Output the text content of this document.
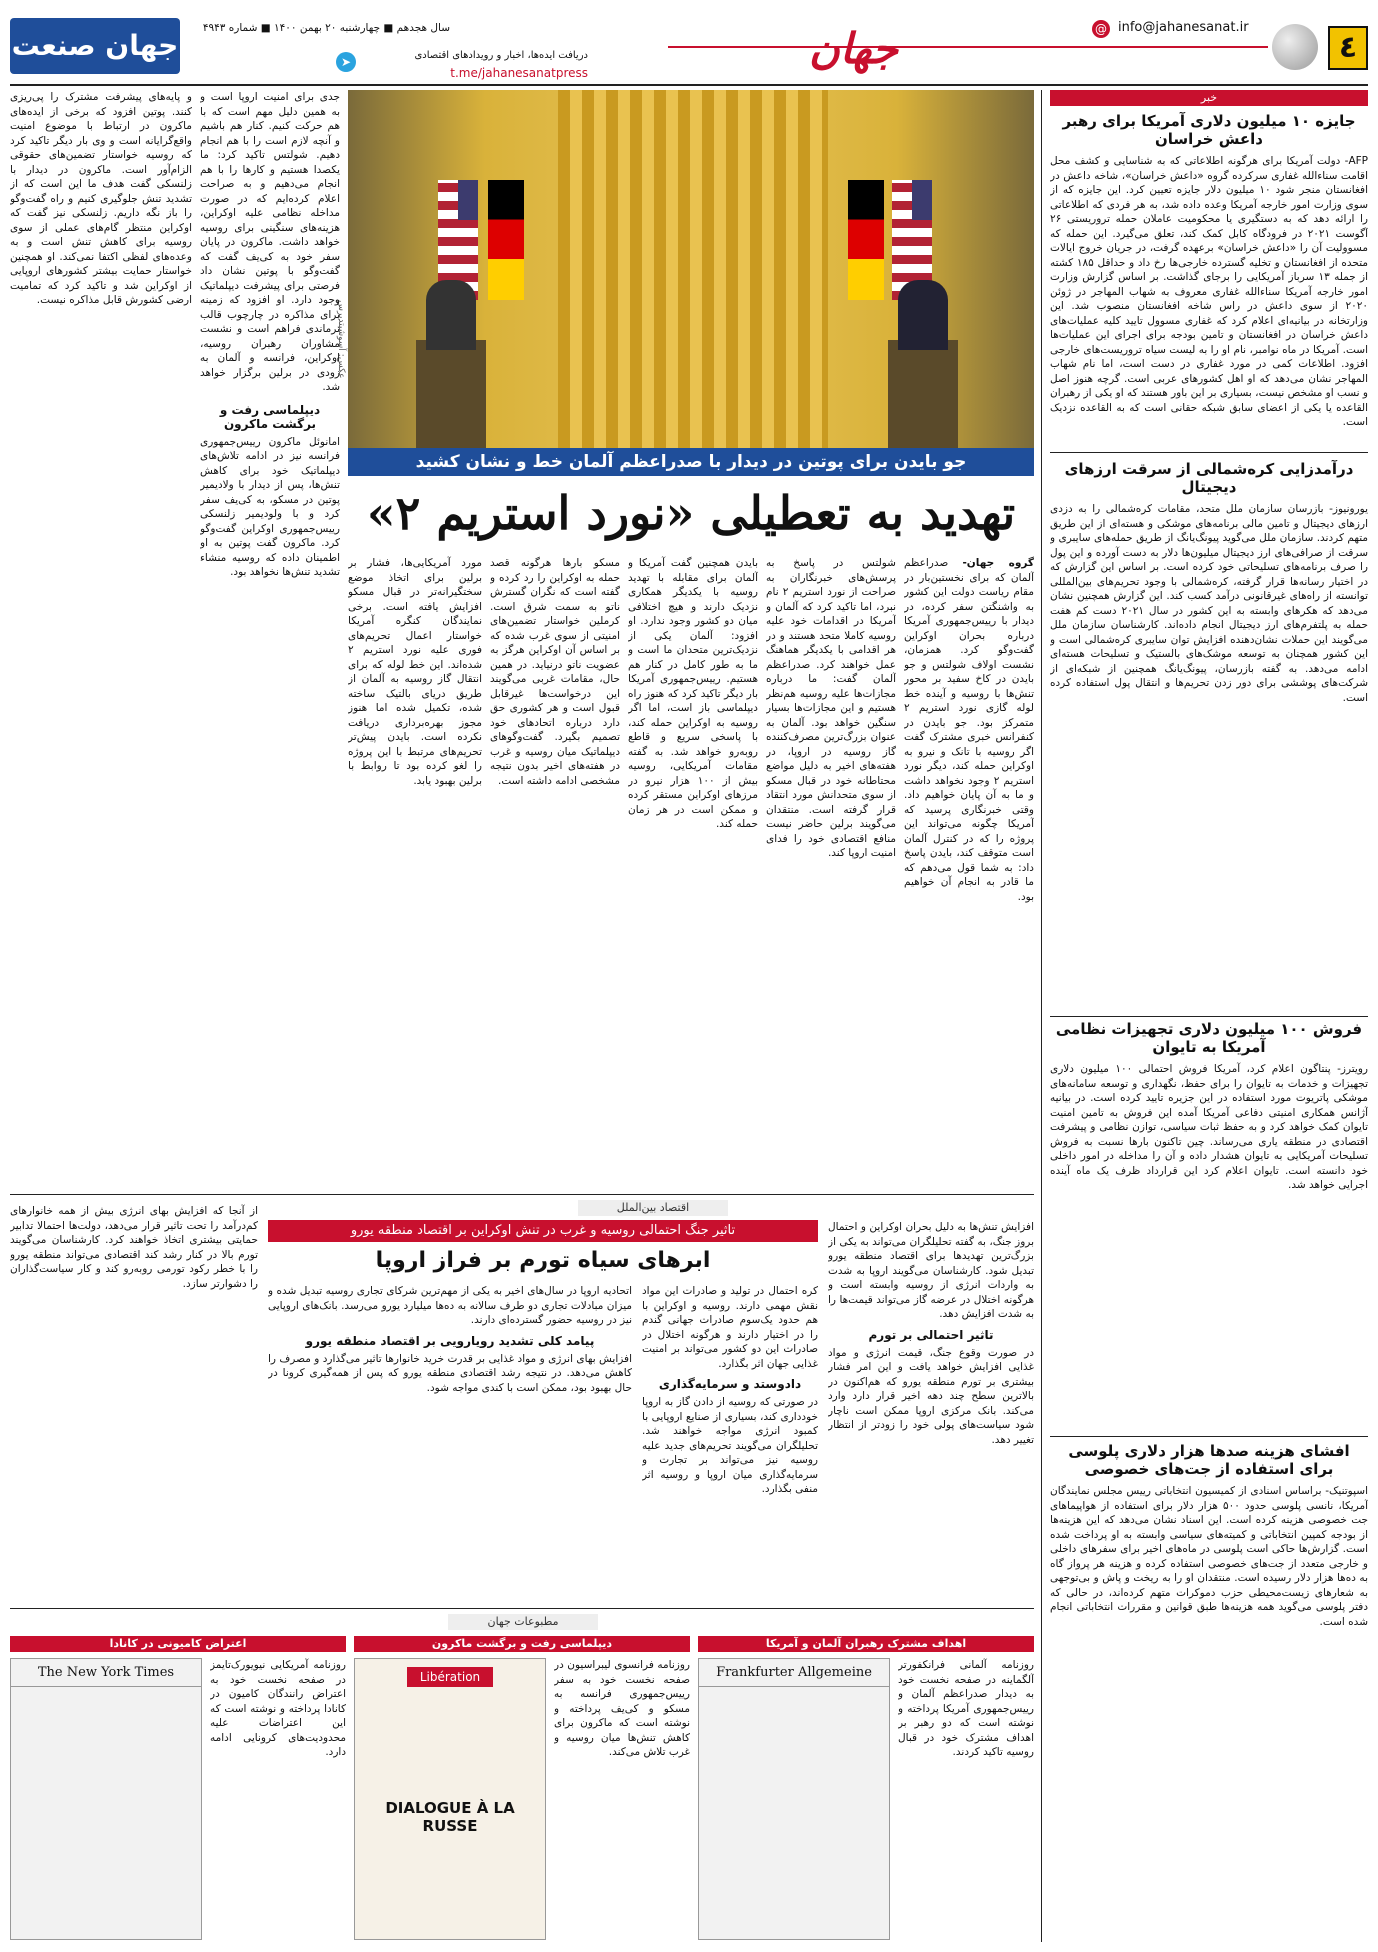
٤
@ info@jahanesanat.ir
جهان
دریافت ایده‌ها، اخبار و رویدادهای اقتصادی
➤
t.me/jahanesanatpress
سال هجدهم ■ چهارشنبه ۲۰ بهمن ۱۴۰۰ ■ شماره ۴۹۴۳
جهان صنعت
خبر

جایزه ۱۰ میلیون دلاری آمریکا برای رهبر داعش خراسان

AFP- دولت آمریکا برای هرگونه اطلاعاتی که به شناسایی و کشف محل اقامت سناءالله غفاری سرکرده گروه «داعش خراسان»، شاخه داعش در افغانستان منجر شود ۱۰ میلیون دلار جایزه تعیین کرد. این جایزه که از سوی وزارت امور خارجه آمریکا وعده داده شد، به هر فردی که اطلاعاتی را ارائه دهد که به دستگیری یا محکومیت عاملان حمله تروریستی ۲۶ آگوست ۲۰۲۱ در فرودگاه کابل کمک کند، تعلق می‌گیرد. این حمله که مسوولیت آن را «داعش خراسان» برعهده گرفت، در جریان خروج ایالات متحده از افغانستان و تخلیه گسترده خارجی‌ها رخ داد و حداقل ۱۸۵ کشته از جمله ۱۳ سرباز آمریکایی را برجای گذاشت. بر اساس گزارش وزارت امور خارجه آمریکا سناءالله غفاری معروف به شهاب المهاجر در ژوئن ۲۰۲۰ از سوی داعش در راس شاخه افغانستان منصوب شد. این وزارتخانه در بیانیه‌ای اعلام کرد که غفاری مسوول تایید کلیه عملیات‌های داعش خراسان در افغانستان و تامین بودجه برای اجرای این عملیات‌ها است. آمریکا در ماه نوامبر، نام او را به لیست سیاه تروریست‌های خارجی افزود. اطلاعات کمی در مورد غفاری در دست است، اما نام شهاب المهاجر نشان می‌دهد که او اهل کشورهای عربی است. گرچه هنوز اصل و نسب او مشخص نیست، بسیاری بر این باور هستند که او یکی از رهبران القاعده یا یکی از اعضای سابق شبکه حقانی است که به القاعده نزدیک است.

درآمدزایی کره‌شمالی از سرقت ارزهای دیجیتال

یورونیوز- بازرسان سازمان ملل متحد، مقامات کره‌شمالی را به دزدی ارزهای دیجیتال و تامین مالی برنامه‌های موشکی و هسته‌ای از این طریق متهم کردند. سازمان ملل می‌گوید پیونگ‌یانگ از طریق حمله‌های سایبری و سرقت از صرافی‌های ارز دیجیتال میلیون‌ها دلار به دست آورده و این پول را صرف برنامه‌های تسلیحاتی خود کرده است. بر اساس این گزارش که در اختیار رسانه‌ها قرار گرفته، کره‌شمالی با وجود تحریم‌های بین‌المللی توانسته از راه‌های غیرقانونی درآمد کسب کند. این گزارش همچنین نشان می‌دهد که هکرهای وابسته به این کشور در سال ۲۰۲۱ دست کم هفت حمله به پلتفرم‌های ارز دیجیتال انجام داده‌اند. کارشناسان سازمان ملل می‌گویند این حملات نشان‌دهنده افزایش توان سایبری کره‌شمالی است و این کشور همچنان به توسعه موشک‌های بالستیک و تسلیحات هسته‌ای ادامه می‌دهد. به گفته بازرسان، پیونگ‌یانگ همچنین از شبکه‌ای از شرکت‌های پوششی برای دور زدن تحریم‌ها و انتقال پول استفاده کرده است.

فروش ۱۰۰ میلیون دلاری تجهیزات نظامی آمریکا به تایوان

رویترز- پنتاگون اعلام کرد، آمریکا فروش احتمالی ۱۰۰ میلیون دلاری تجهیزات و خدمات به تایوان را برای حفظ، نگهداری و توسعه سامانه‌های موشکی پاتریوت مورد استفاده در این جزیره تایید کرده است. در بیانیه آژانس همکاری امنیتی دفاعی آمریکا آمده این فروش به تامین امنیت تایوان کمک خواهد کرد و به حفظ ثبات سیاسی، توازن نظامی و پیشرفت اقتصادی در منطقه یاری می‌رساند. چین تاکنون بارها نسبت به فروش تسلیحات آمریکایی به تایوان هشدار داده و آن را مداخله در امور داخلی خود دانسته است. تایوان اعلام کرد این قرارداد ظرف یک ماه آینده اجرایی خواهد شد.

افشای هزینه صدها هزار دلاری پلوسی برای استفاده از جت‌های خصوصی

اسپوتنیک- براساس اسنادی از کمیسیون انتخاباتی رییس مجلس نمایندگان آمریکا، نانسی پلوسی حدود ۵۰۰ هزار دلار برای استفاده از هواپیماهای جت خصوصی هزینه کرده است. این اسناد نشان می‌دهد که این هزینه‌ها از بودجه کمپین انتخاباتی و کمیته‌های سیاسی وابسته به او پرداخت شده است. گزارش‌ها حاکی است پلوسی در ماه‌های اخیر برای سفرهای داخلی و خارجی متعدد از جت‌های خصوصی استفاده کرده و هزینه هر پرواز گاه به ده‌ها هزار دلار رسیده است. منتقدان او را به ریخت و پاش و بی‌توجهی به شعارهای زیست‌محیطی حزب دموکرات متهم کرده‌اند، در حالی که دفتر پلوسی می‌گوید همه هزینه‌ها طبق قوانین و مقررات انتخاباتی انجام شده است.

عکس: آسوشیتدپرس
جو بایدن برای پوتین در دیدار با صدراعظم آلمان خط و نشان کشید
تهدید به تعطیلی «نورد استریم ۲»

گروه جهان- صدراعظم آلمان که برای نخستین‌بار در مقام ریاست دولت این کشور به واشنگتن سفر کرده، در دیدار با رییس‌جمهوری آمریکا درباره بحران اوکراین گفت‌وگو کرد. همزمان، نشست اولاف شولتس و جو بایدن در کاخ سفید بر محور تنش‌ها با روسیه و آینده خط لوله گازی نورد استریم ۲ متمرکز بود. جو بایدن در کنفرانس خبری مشترک گفت اگر روسیه با تانک و نیرو به اوکراین حمله کند، دیگر نورد استریم ۲ وجود نخواهد داشت و ما به آن پایان خواهیم داد. وقتی خبرنگاری پرسید که آمریکا چگونه می‌تواند این پروژه را که در کنترل آلمان است متوقف کند، بایدن پاسخ داد: به شما قول می‌دهم که ما قادر به انجام آن خواهیم بود.

شولتس در پاسخ به پرسش‌های خبرنگاران به صراحت از نورد استریم ۲ نام نبرد، اما تاکید کرد که آلمان و آمریکا در اقدامات خود علیه روسیه کاملا متحد هستند و در هر اقدامی با یکدیگر هماهنگ عمل خواهند کرد. صدراعظم آلمان گفت: ما درباره مجازات‌ها علیه روسیه هم‌نظر هستیم و این مجازات‌ها بسیار سنگین خواهد بود. آلمان به عنوان بزرگ‌ترین مصرف‌کننده گاز روسیه در اروپا، در هفته‌های اخیر به دلیل مواضع محتاطانه خود در قبال مسکو از سوی متحدانش مورد انتقاد قرار گرفته است. منتقدان می‌گویند برلین حاضر نیست منافع اقتصادی خود را فدای امنیت اروپا کند.

بایدن همچنین گفت آمریکا و آلمان برای مقابله با تهدید روسیه با یکدیگر همکاری نزدیک دارند و هیچ اختلافی میان دو کشور وجود ندارد. او افزود: آلمان یکی از نزدیک‌ترین متحدان ما است و ما به طور کامل در کنار هم هستیم. رییس‌جمهوری آمریکا بار دیگر تاکید کرد که هنوز راه دیپلماسی باز است، اما اگر روسیه به اوکراین حمله کند، با پاسخی سریع و قاطع روبه‌رو خواهد شد. به گفته مقامات آمریکایی، روسیه بیش از ۱۰۰ هزار نیرو در مرزهای اوکراین مستقر کرده و ممکن است در هر زمان حمله کند.

مسکو بارها هرگونه قصد حمله به اوکراین را رد کرده و گفته است که نگران گسترش ناتو به سمت شرق است. کرملین خواستار تضمین‌های امنیتی از سوی غرب شده که بر اساس آن اوکراین هرگز به عضویت ناتو درنیاید. در همین حال، مقامات غربی می‌گویند این درخواست‌ها غیرقابل قبول است و هر کشوری حق دارد درباره اتحادهای خود تصمیم بگیرد. گفت‌وگوهای دیپلماتیک میان روسیه و غرب در هفته‌های اخیر بدون نتیجه مشخصی ادامه داشته است.

مورد آمریکایی‌ها، فشار بر برلین برای اتخاذ موضع سختگیرانه‌تر در قبال مسکو افزایش یافته است. برخی نمایندگان کنگره آمریکا خواستار اعمال تحریم‌های فوری علیه نورد استریم ۲ شده‌اند. این خط لوله که برای انتقال گاز روسیه به آلمان از طریق دریای بالتیک ساخته شده، تکمیل شده اما هنوز مجوز بهره‌برداری دریافت نکرده است. بایدن پیش‌تر تحریم‌های مرتبط با این پروژه را لغو کرده بود تا روابط با برلین بهبود یابد.

جدی برای امنیت اروپا است و به همین دلیل مهم است که با هم حرکت کنیم. کنار هم باشیم و آنچه لازم است را با هم انجام دهیم. شولتس تاکید کرد: ما یکصدا هستیم و کارها را با هم انجام می‌دهیم و به صراحت اعلام کرده‌ایم که در صورت مداخله نظامی علیه اوکراین، هزینه‌های سنگینی برای روسیه خواهد داشت. ماکرون در پایان سفر خود به کی‌یف گفت که گفت‌وگو با پوتین نشان داد فرصتی برای پیشرفت دیپلماتیک وجود دارد. او افزود که زمینه برای مذاکره در چارچوب قالب نرماندی فراهم است و نشست مشاوران رهبران روسیه، اوکراین، فرانسه و آلمان به زودی در برلین برگزار خواهد شد.

دیپلماسی رفت و برگشت ماکرون

امانوئل ماکرون رییس‌جمهوری فرانسه نیز در ادامه تلاش‌های دیپلماتیک خود برای کاهش تنش‌ها، پس از دیدار با ولادیمیر پوتین در مسکو، به کی‌یف سفر کرد و با ولودیمیر زلنسکی رییس‌جمهوری اوکراین گفت‌وگو کرد. ماکرون گفت پوتین به او اطمینان داده که روسیه منشاء تشدید تنش‌ها نخواهد بود.

و پایه‌های پیشرفت مشترک را پی‌ریزی کنند. پوتین افزود که برخی از ایده‌های ماکرون در ارتباط با موضوع امنیت واقع‌گرایانه است و وی بار دیگر تاکید کرد که روسیه خواستار تضمین‌های حقوقی الزام‌آور است. ماکرون در دیدار با زلنسکی گفت هدف ما این است که از تشدید تنش جلوگیری کنیم و راه گفت‌وگو را باز نگه داریم. زلنسکی نیز گفت که اوکراین منتظر گام‌های عملی از سوی روسیه برای کاهش تنش است و به وعده‌های لفظی اکتفا نمی‌کند. او همچنین خواستار حمایت بیشتر کشورهای اروپایی از اوکراین شد و تاکید کرد که تمامیت ارضی کشورش قابل مذاکره نیست.

اقتصاد بین‌الملل
تاثیر جنگ احتمالی روسیه و غرب در تنش اوکراین بر اقتصاد منطقه یورو
ابرهای سیاه تورم بر فراز اروپا

افزایش تنش‌ها به دلیل بحران اوکراین و احتمال بروز جنگ، به گفته تحلیلگران می‌تواند به یکی از بزرگ‌ترین تهدیدها برای اقتصاد منطقه یورو تبدیل شود. کارشناسان می‌گویند اروپا به شدت به واردات انرژی از روسیه وابسته است و هرگونه اختلال در عرضه گاز می‌تواند قیمت‌ها را به شدت افزایش دهد.

تاثیر احتمالی بر تورم

در صورت وقوع جنگ، قیمت انرژی و مواد غذایی افزایش خواهد یافت و این امر فشار بیشتری بر تورم منطقه یورو که هم‌اکنون در بالاترین سطح چند دهه اخیر قرار دارد وارد می‌کند. بانک مرکزی اروپا ممکن است ناچار شود سیاست‌های پولی خود را زودتر از انتظار تغییر دهد.

کره احتمال در تولید و صادرات این مواد نقش مهمی دارند. روسیه و اوکراین با هم حدود یک‌سوم صادرات جهانی گندم را در اختیار دارند و هرگونه اختلال در صادرات این دو کشور می‌تواند بر امنیت غذایی جهان اثر بگذارد.

دادوستد و سرمایه‌گذاری

در صورتی که روسیه از دادن گاز به اروپا خودداری کند، بسیاری از صنایع اروپایی با کمبود انرژی مواجه خواهند شد. تحلیلگران می‌گویند تحریم‌های جدید علیه روسیه نیز می‌تواند بر تجارت و سرمایه‌گذاری میان اروپا و روسیه اثر منفی بگذارد.

اتحادیه اروپا در سال‌های اخیر به یکی از مهم‌ترین شرکای تجاری روسیه تبدیل شده و میزان مبادلات تجاری دو طرف سالانه به ده‌ها میلیارد یورو می‌رسد. بانک‌های اروپایی نیز در روسیه حضور گسترده‌ای دارند.

پیامد کلی تشدید رویارویی بر اقتصاد منطقه یورو

افزایش بهای انرژی و مواد غذایی بر قدرت خرید خانوارها تاثیر می‌گذارد و مصرف را کاهش می‌دهد. در نتیجه رشد اقتصادی منطقه یورو که پس از همه‌گیری کرونا در حال بهبود بود، ممکن است با کندی مواجه شود.

از آنجا که افزایش بهای انرژی بیش از همه خانوارهای کم‌درآمد را تحت تاثیر قرار می‌دهد، دولت‌ها احتمالا تدابیر حمایتی بیشتری اتخاذ خواهند کرد. کارشناسان می‌گویند تورم بالا در کنار رشد کند اقتصادی می‌تواند منطقه یورو را با خطر رکود تورمی روبه‌رو کند و کار سیاست‌گذاران را دشوارتر سازد.

مطبوعات جهان
اهداف مشترک رهبران آلمان و آمریکا

روزنامه آلمانی فرانکفورتر آلگماینه در صفحه نخست خود به دیدار صدراعظم آلمان و رییس‌جمهوری آمریکا پرداخته و نوشته است که دو رهبر بر اهداف مشترک خود در قبال روسیه تاکید کردند.

Frankfurter Allgemeine
دیپلماسی رفت و برگشت ماکرون

روزنامه فرانسوی لیبراسیون در صفحه نخست خود به سفر رییس‌جمهوری فرانسه به مسکو و کی‌یف پرداخته و نوشته است که ماکرون برای کاهش تنش‌ها میان روسیه و غرب تلاش می‌کند.

Libération
DIALOGUE À LA RUSSE
اعتراض کامیونی در کانادا

روزنامه آمریکایی نیویورک‌تایمز در صفحه نخست خود به اعتراض رانندگان کامیون در کانادا پرداخته و نوشته است که این اعتراضات علیه محدودیت‌های کرونایی ادامه دارد.

The New York Times
